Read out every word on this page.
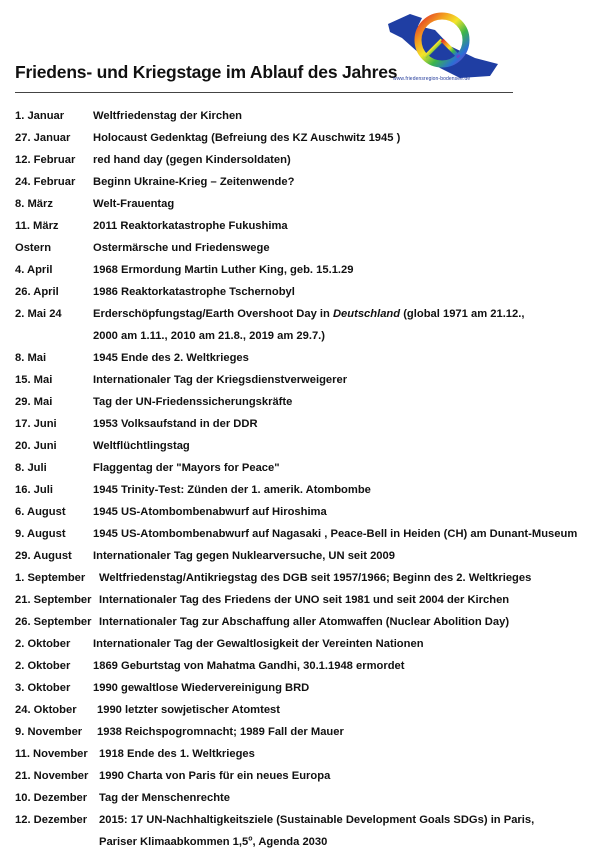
Friedens- und Kriegstage im Ablauf des Jahres
www.friedensregion-bodensee.de
1. Januar	Weltfriedenstag der Kirchen
27. Januar Holocaust Gedenktag (Befreiung des KZ Auschwitz 1945 )
12. Februar red hand day (gegen Kindersoldaten)
24. Februar Beginn Ukraine-Krieg – Zeitenwende?
8. März	Welt-Frauentag
11. März	2011 Reaktorkatastrophe Fukushima
Ostern	Ostermärsche und Friedenswege
4. April	1968 Ermordung Martin Luther King, geb. 15.1.29
26. April	1986 Reaktorkatastrophe Tschernobyl
2. Mai 24	Erderschöpfungstag/Earth Overshoot Day in Deutschland (global 1971 am 21.12.,
2000 am 1.11., 2010 am 21.8., 2019 am 29.7.)
8. Mai	1945 Ende des 2. Weltkrieges
15. Mai	Internationaler Tag der Kriegsdienstverweigerer
29. Mai	Tag der UN-Friedenssicherungskräfte
17. Juni	1953 Volksaufstand in der DDR
20. Juni	Weltflüchtlingstag
8. Juli	Flaggentag der "Mayors for Peace"
16. Juli	1945 Trinity-Test: Zünden der 1. amerik. Atombombe
6. August 1945 US-Atombombenabwurf auf Hiroshima
9. August 1945 US-Atombombenabwurf auf Nagasaki , Peace-Bell in Heiden (CH) am Dunant-Museum
29. August Internationaler Tag gegen Nuklearversuche, UN seit 2009
1. September Weltfriedenstag/Antikriegstag des DGB seit 1957/1966; Beginn des 2. Weltkrieges
21. September Internationaler Tag des Friedens der UNO seit 1981 und seit 2004 der Kirchen
26. September Internationaler Tag zur Abschaffung aller Atomwaffen (Nuclear Abolition Day)
2. Oktober Internationaler Tag der Gewaltlosigkeit der Vereinten Nationen
2. Oktober 1869 Geburtstag von Mahatma Gandhi, 30.1.1948 ermordet
3. Oktober 1990 gewaltlose Wiedervereinigung BRD
24. Oktober 1990 letzter sowjetischer Atomtest
9. November 1938 Reichspogromnacht; 1989 Fall der Mauer
11. November 1918 Ende des 1. Weltkrieges
21. November 1990 Charta von Paris für ein neues Europa
10. Dezember Tag der Menschenrechte
12. Dezember 2015: 17 UN-Nachhaltigkeitsziele (Sustainable Development Goals SDGs) in Paris,
Pariser Klimaabkommen 1,5$^o$, Agenda 2030
